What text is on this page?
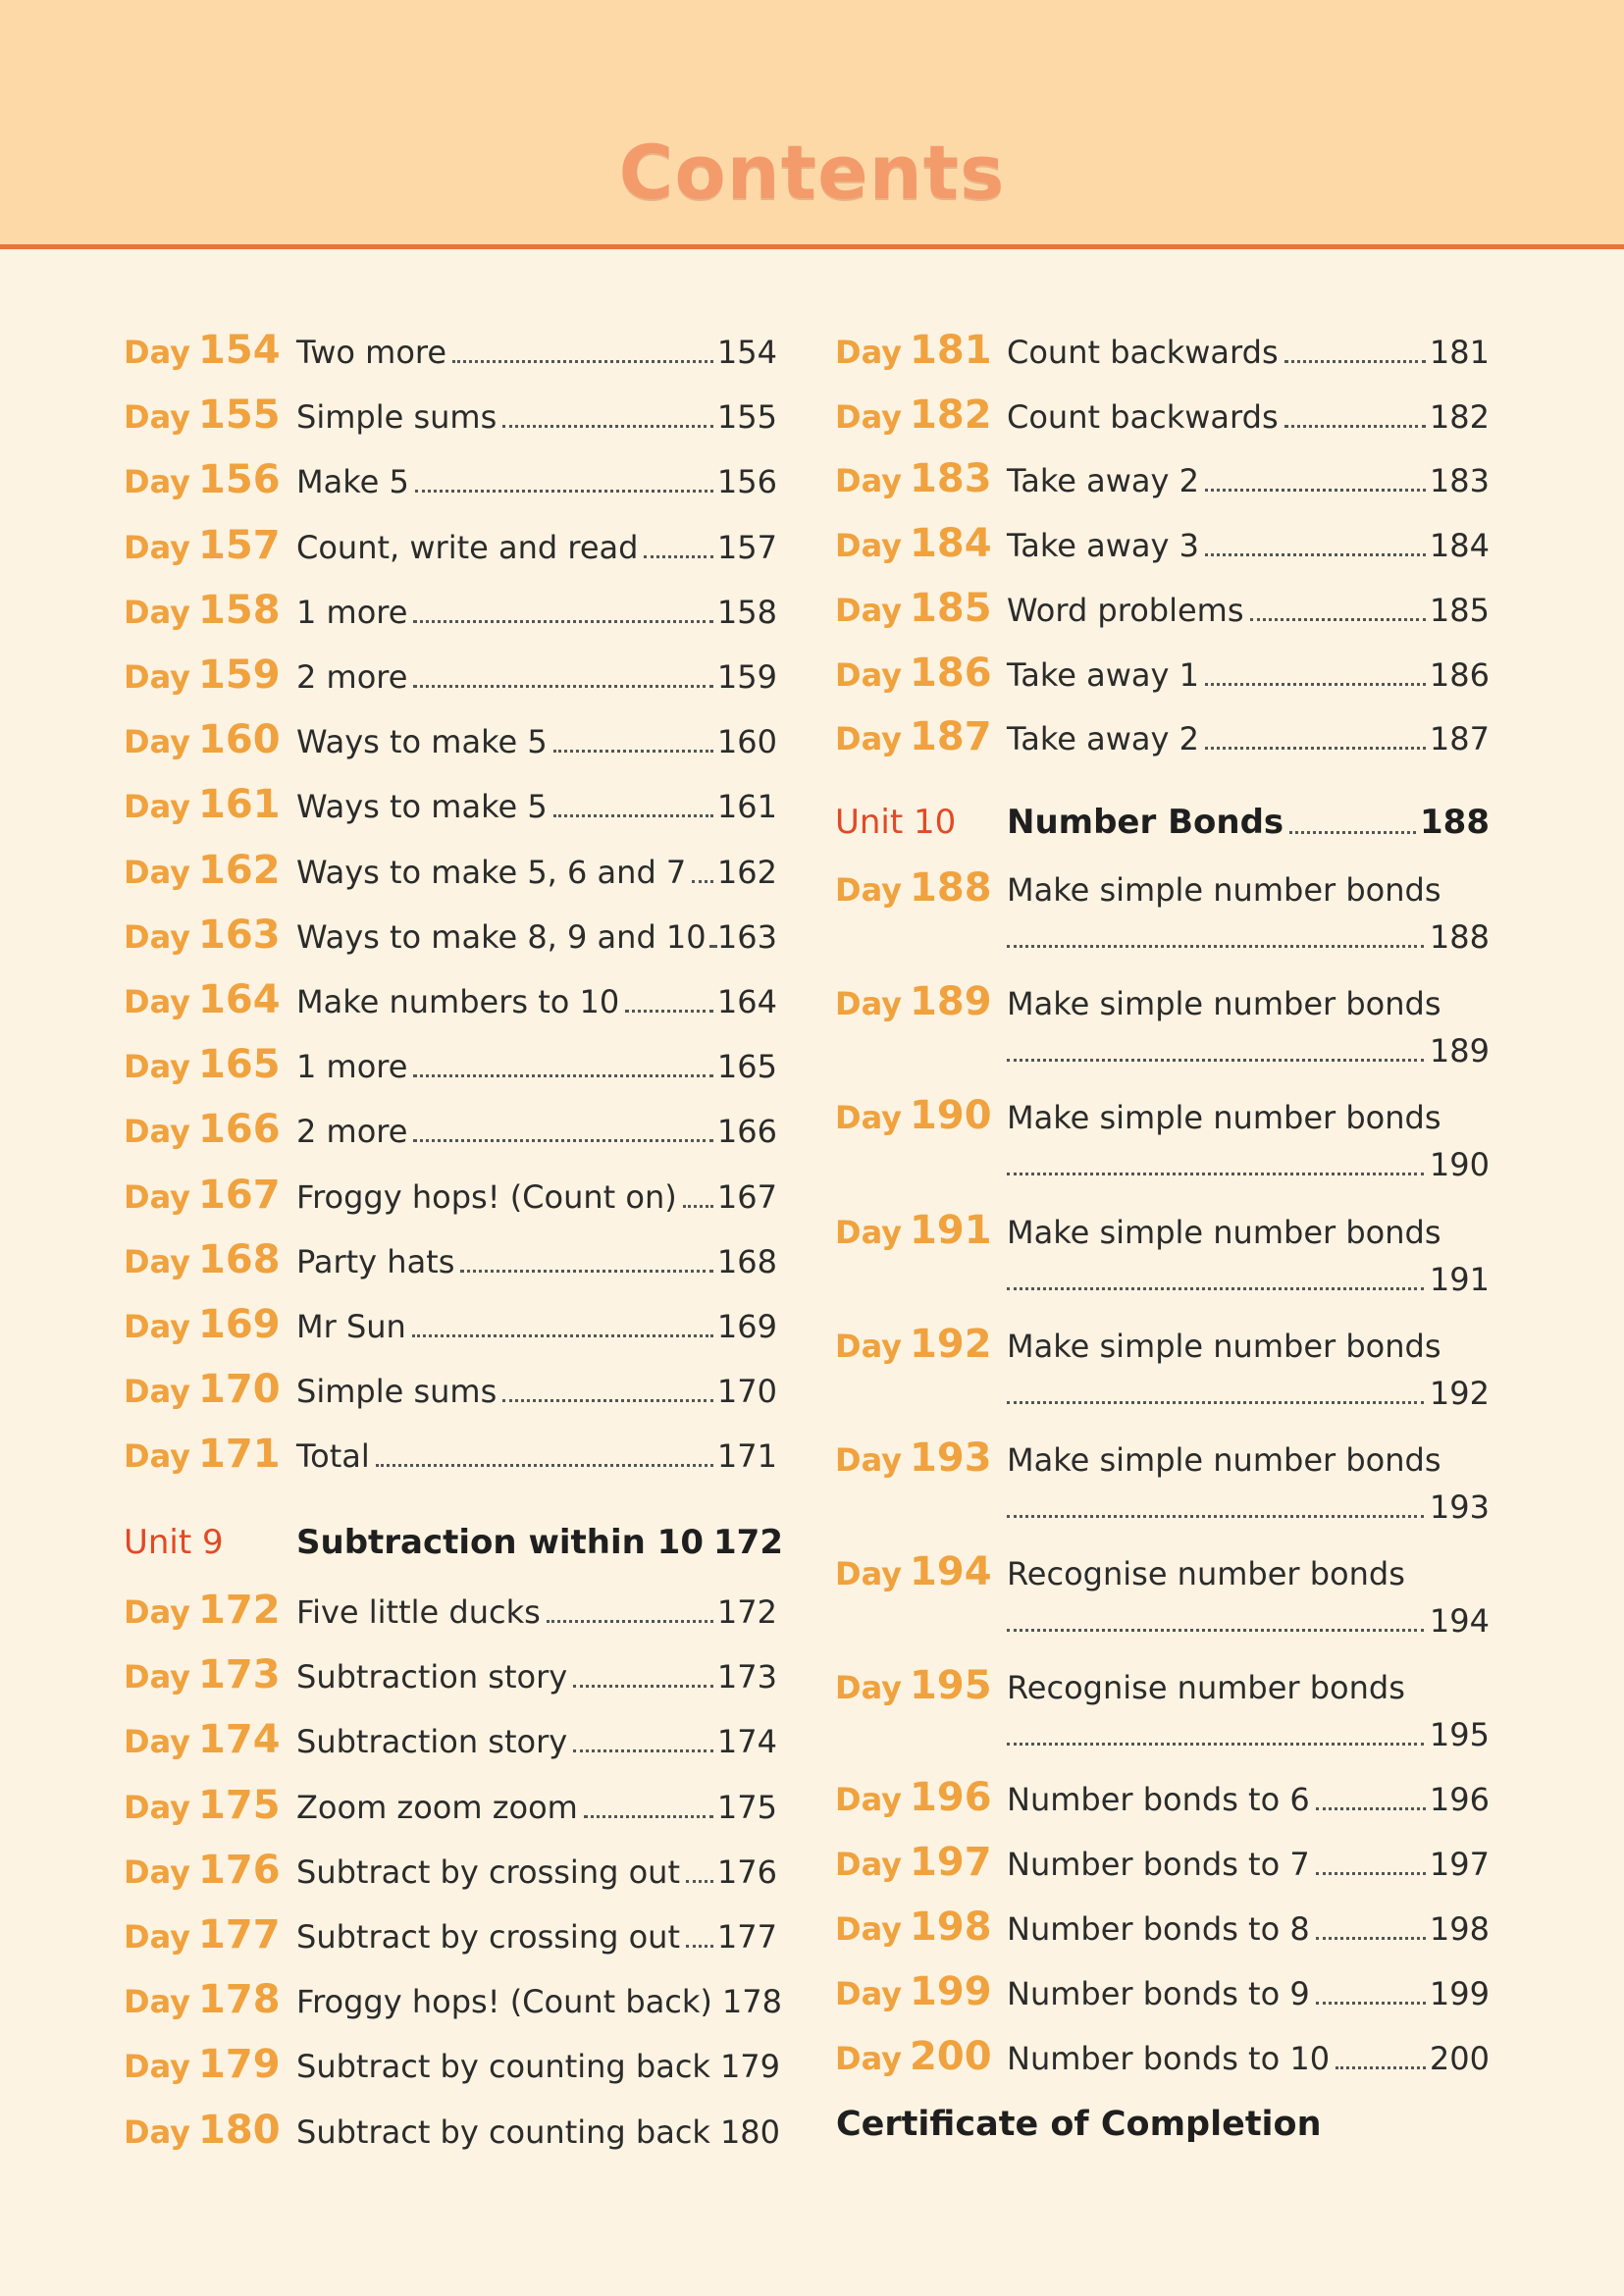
Contents
Day 154 Two more	154
Day 155 Simple sums	155
Day 156 Make 5	156
Day 157 Count, write and read	157
Day 158 1 more	158
Day 159 2 more	159
Day 160 Ways to make 5	160
Day 161 Ways to make 5	161
Day 162 Ways to make 5, 6 and 7 162
Day 163 Ways to make 8, 9 and 10 163
Day 164 Make numbers to 10	164
Day 165 1 more	165
Day 166 2 more	166
Day 167 Froggy hops! (Count on) 167
Day 168 Party hats	168
Day 169 Mr Sun	169
Day 170 Simple sums	170
Day 171 Total	171
Unit 9 Subtraction within 10 172
Day 172 Five little ducks	172
Day 173 Subtraction story	173
Day 174 Subtraction story	174
Day 175 Zoom zoom zoom	175
Day 176 Subtract by crossing out 176
Day 177 Subtract by crossing out 177
Day 178 Froggy hops! (Count back) 178
Day 179 Subtract by counting back 179
Day 180 Subtract by counting back 180
Day 181 Count backwards	181
Day 182 Count backwards	182
Day 183 Take away 2	183
Day 184 Take away 3	184
Day 185 Word problems	185
Day 186 Take away 1	186
Day 187 Take away 2	187
Unit 10 Number Bonds	188
Day 188 Make simple number bonds
188
Day 189 Make simple number bonds
189
Day 190 Make simple number bonds
190
Day 191 Make simple number bonds
191
Day 192 Make simple number bonds
192
Day 193 Make simple number bonds
193
Day 194 Recognise number bonds
194
Day 195 Recognise number bonds
195
Day 196 Number bonds to 6	196
Day 197 Number bonds to 7	197
Day 198 Number bonds to 8	198
Day 199 Number bonds to 9	199
Day 200 Number bonds to 10	200
Certificate of Completion
